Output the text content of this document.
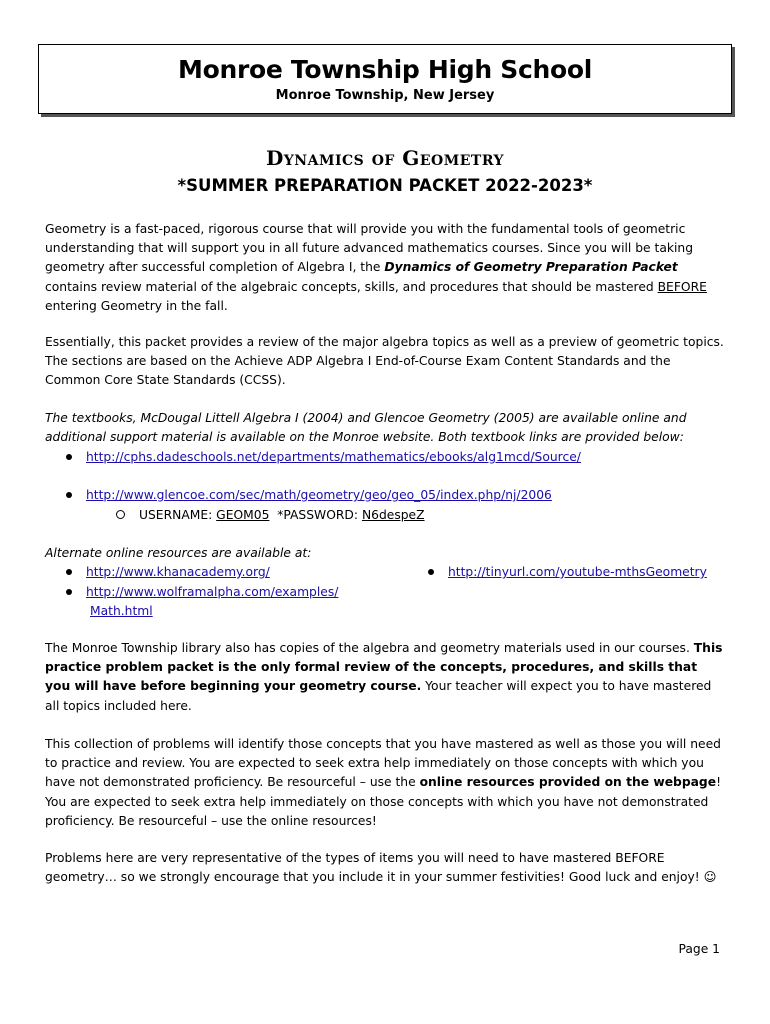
Monroe Township High School
Monroe Township, New Jersey
Dynamics of Geometry
*SUMMER PREPARATION PACKET 2022-2023*
Geometry is a fast-paced, rigorous course that will provide you with the fundamental tools of geometric understanding that will support you in all future advanced mathematics courses. Since you will be taking geometry after successful completion of Algebra I, the Dynamics of Geometry Preparation Packet contains review material of the algebraic concepts, skills, and procedures that should be mastered BEFORE entering Geometry in the fall.
Essentially, this packet provides a review of the major algebra topics as well as a preview of geometric topics. The sections are based on the Achieve ADP Algebra I End-of-Course Exam Content Standards and the Common Core State Standards (CCSS).
The textbooks, McDougal Littell Algebra I (2004) and Glencoe Geometry (2005) are available online and additional support material is available on the Monroe website. Both textbook links are provided below:
http://cphs.dadeschools.net/departments/mathematics/ebooks/alg1mcd/Source/
http://www.glencoe.com/sec/math/geometry/geo/geo_05/index.php/nj/2006
USERNAME: GEOM05  *PASSWORD: N6despeZ
Alternate online resources are available at:
http://www.khanacademy.org/
http://www.wolframalpha.com/examples/
Math.html
http://tinyurl.com/youtube-mthsGeometry
The Monroe Township library also has copies of the algebra and geometry materials used in our courses. This practice problem packet is the only formal review of the concepts, procedures, and skills that you will have before beginning your geometry course. Your teacher will expect you to have mastered all topics included here.
This collection of problems will identify those concepts that you have mastered as well as those you will need to practice and review. You are expected to seek extra help immediately on those concepts with which you have not demonstrated proficiency. Be resourceful – use the online resources provided on the webpage! You are expected to seek extra help immediately on those concepts with which you have not demonstrated proficiency. Be resourceful – use the online resources!
Problems here are very representative of the types of items you will need to have mastered BEFORE geometry… so we strongly encourage that you include it in your summer festivities! Good luck and enjoy! ☺
Page 1
